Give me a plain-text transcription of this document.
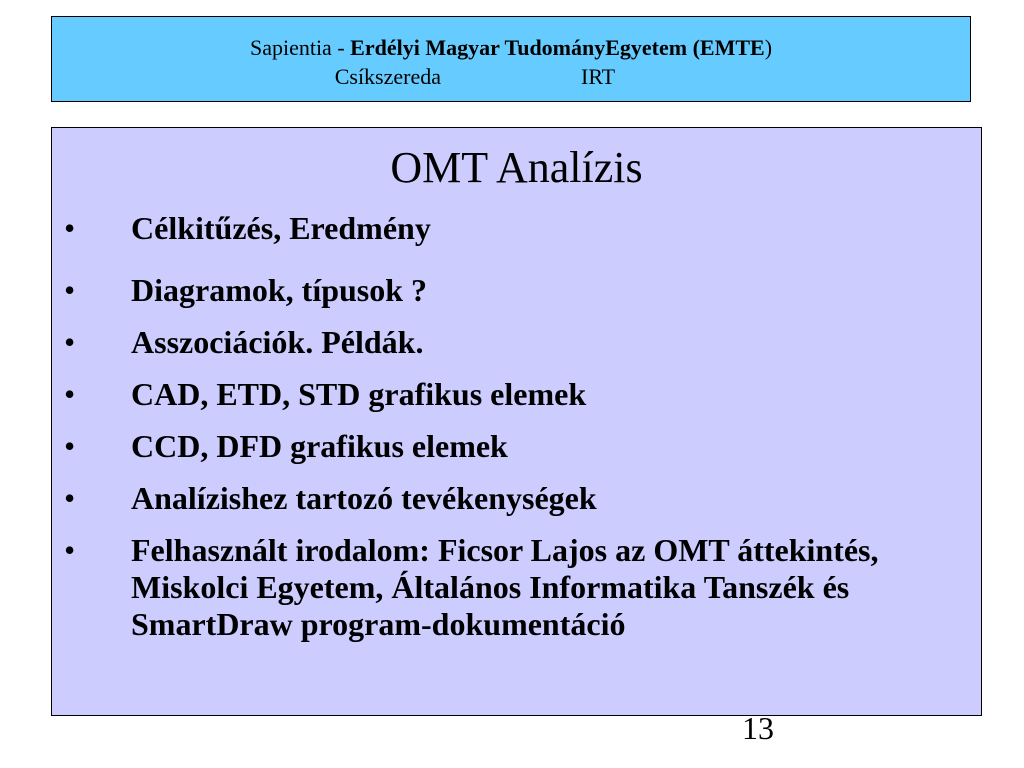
Sapientia - Erdélyi Magyar TudományEgyetem (EMTE)
Csíkszereda	IRT
OMT Analízis
• Célkitűzés, Eredmény
• Diagramok, típusok ?
• Asszociációk. Példák.
• CAD, ETD, STD grafikus elemek
• CCD, DFD grafikus elemek
• Analízishez tartozó tevékenységek
• Felhasznált irodalom: Ficsor Lajos az OMT áttekintés, Miskolci Egyetem, Általános Informatika Tanszék és SmartDraw program-dokumentáció
13
